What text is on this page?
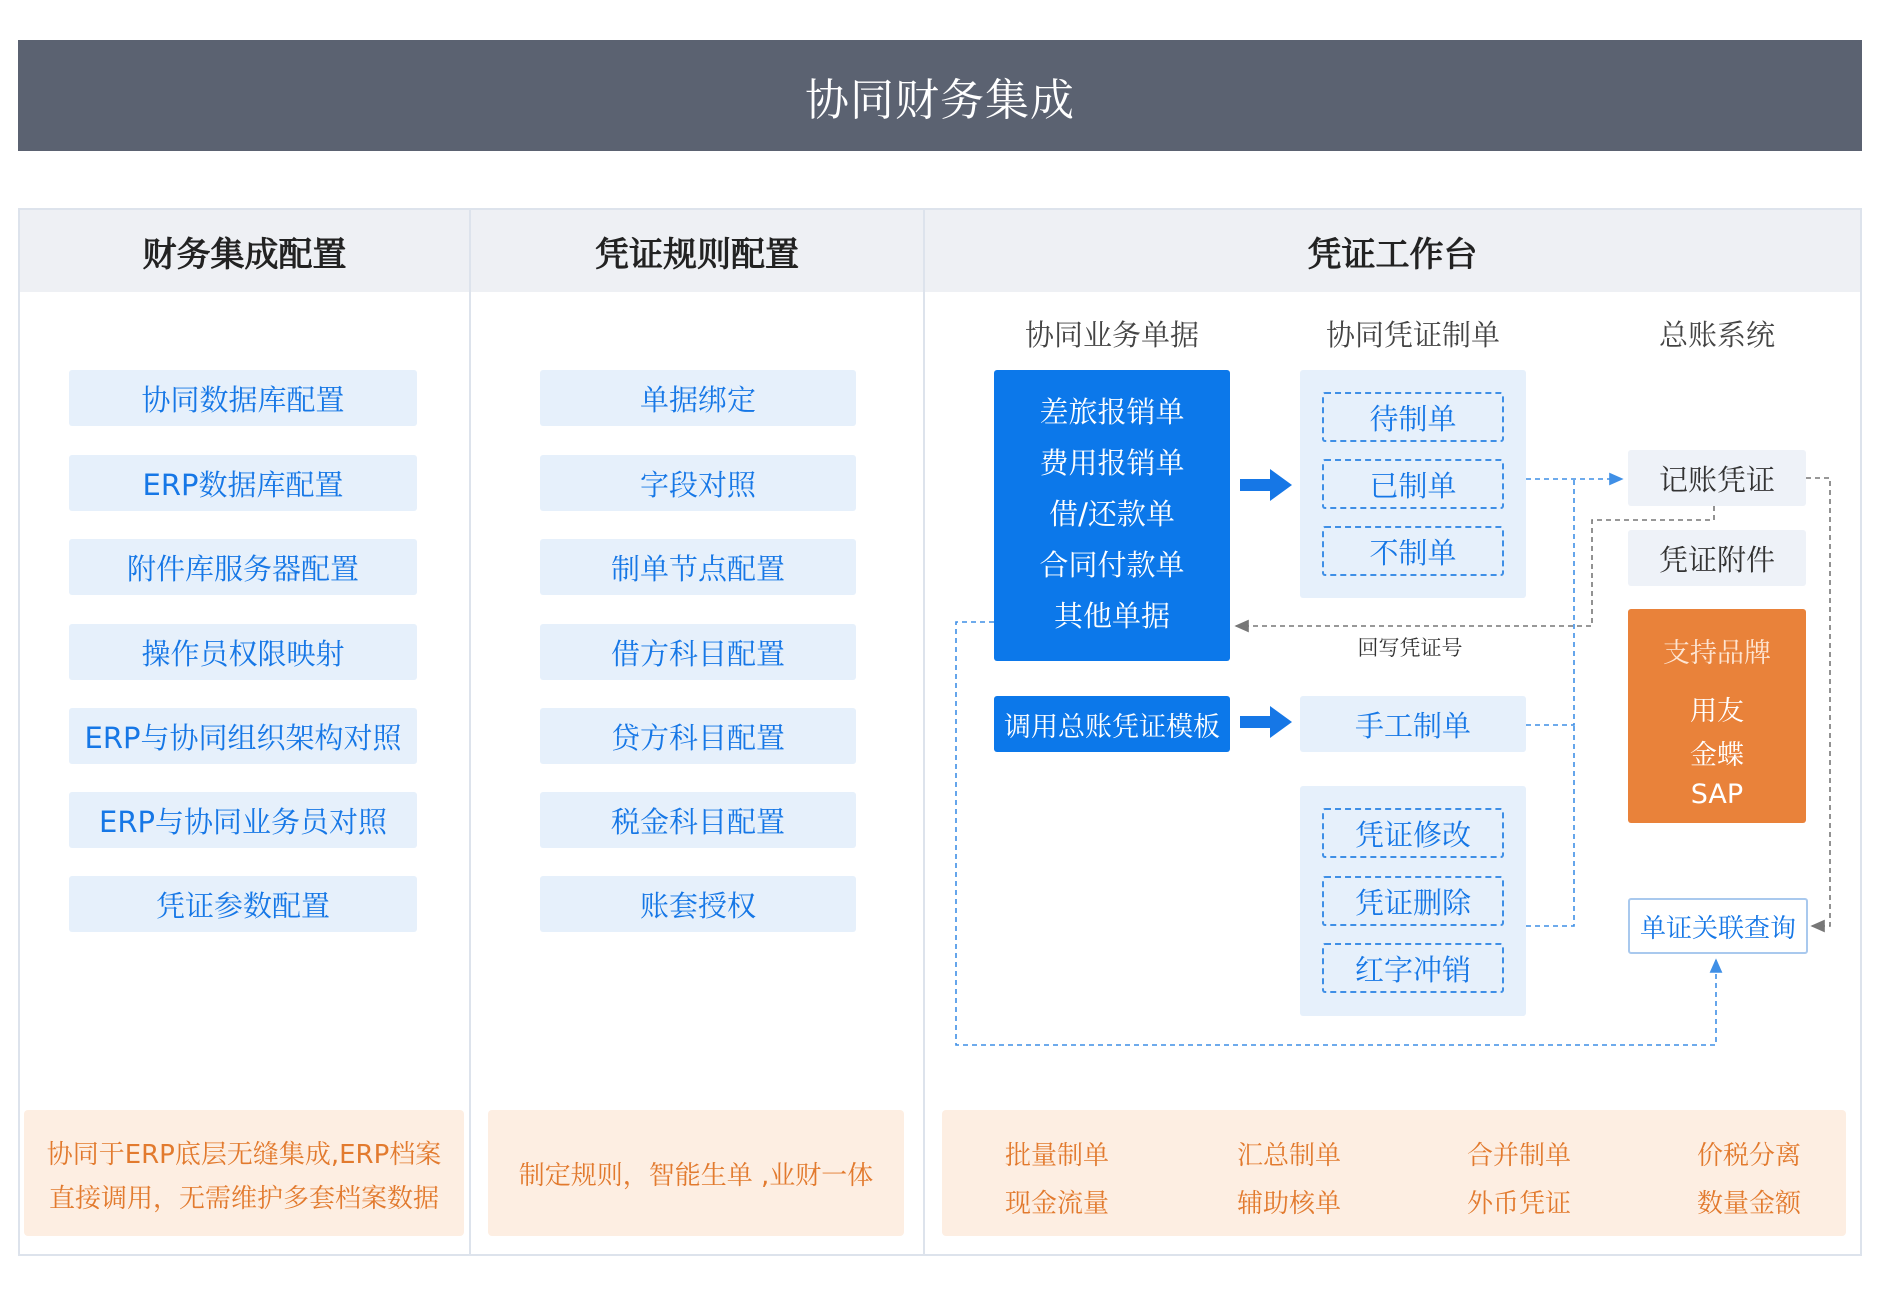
协同财务集成
财务集成配置	凭证规则配置	凭证工作台
协同数据库配置
ERP数据库配置
附件库服务器配置
操作员权限映射
ERP与协同组织架构对照
ERP与协同业务员对照
凭证参数配置
单据绑定
字段对照
制单节点配置
借方科目配置
贷方科目配置
税金科目配置
账套授权
协同业务单据	协同凭证制单	总账系统
差旅报销单
费用报销单
借/还款单
合同付款单
其他单据
待制单
已制单
不制单
调用总账凭证模板	手工制单
凭证修改
凭证删除
红字冲销
记账凭证
凭证附件
支持品牌
用友
金蝶
SAP
单证关联查询
回写凭证号
协同于ERP底层无缝集成,ERP档案
直接调用，无需维护多套档案数据
制定规则，智能生单 ,业财一体
批量制单
现金流量
汇总制单
辅助核单
合并制单
外币凭证
价税分离
数量金额
